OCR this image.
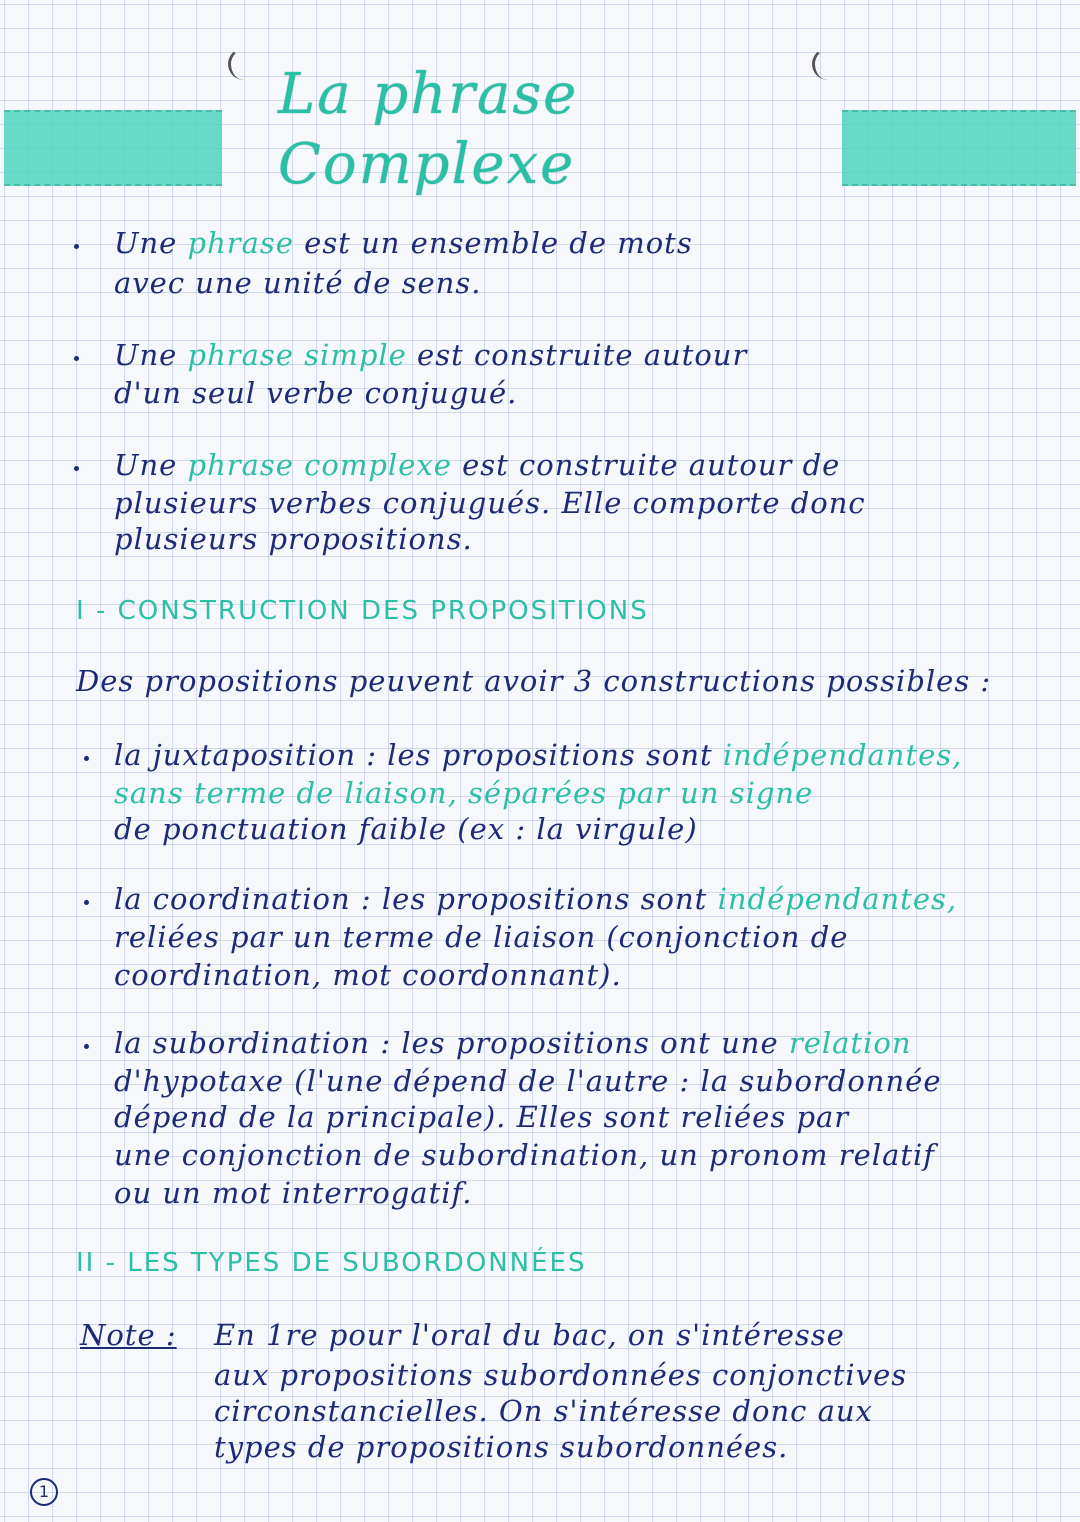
La phrase
Complexe
Une phrase est un ensemble de mots
avec une unité de sens.
Une phrase simple est construite autour
d'un seul verbe conjugué.
Une phrase complexe est construite autour de
plusieurs verbes conjugués. Elle comporte donc
plusieurs propositions.
I - CONSTRUCTION DES PROPOSITIONS
Des propositions peuvent avoir 3 constructions possibles :
la juxtaposition : les propositions sont indépendantes,
sans terme de liaison, séparées par un signe
de ponctuation faible (ex : la virgule)
la coordination : les propositions sont indépendantes,
reliées par un terme de liaison (conjonction de
coordination, mot coordonnant).
la subordination : les propositions ont une relation
d'hypotaxe (l'une dépend de l'autre : la subordonnée
dépend de la principale). Elles sont reliées par
une conjonction de subordination, un pronom relatif
ou un mot interrogatif.
II - LES TYPES DE SUBORDONNÉES
Note : En 1re pour l'oral du bac, on s'intéresse
aux propositions subordonnées conjonctives
circonstancielles. On s'intéresse donc aux
types de propositions subordonnées.
1
